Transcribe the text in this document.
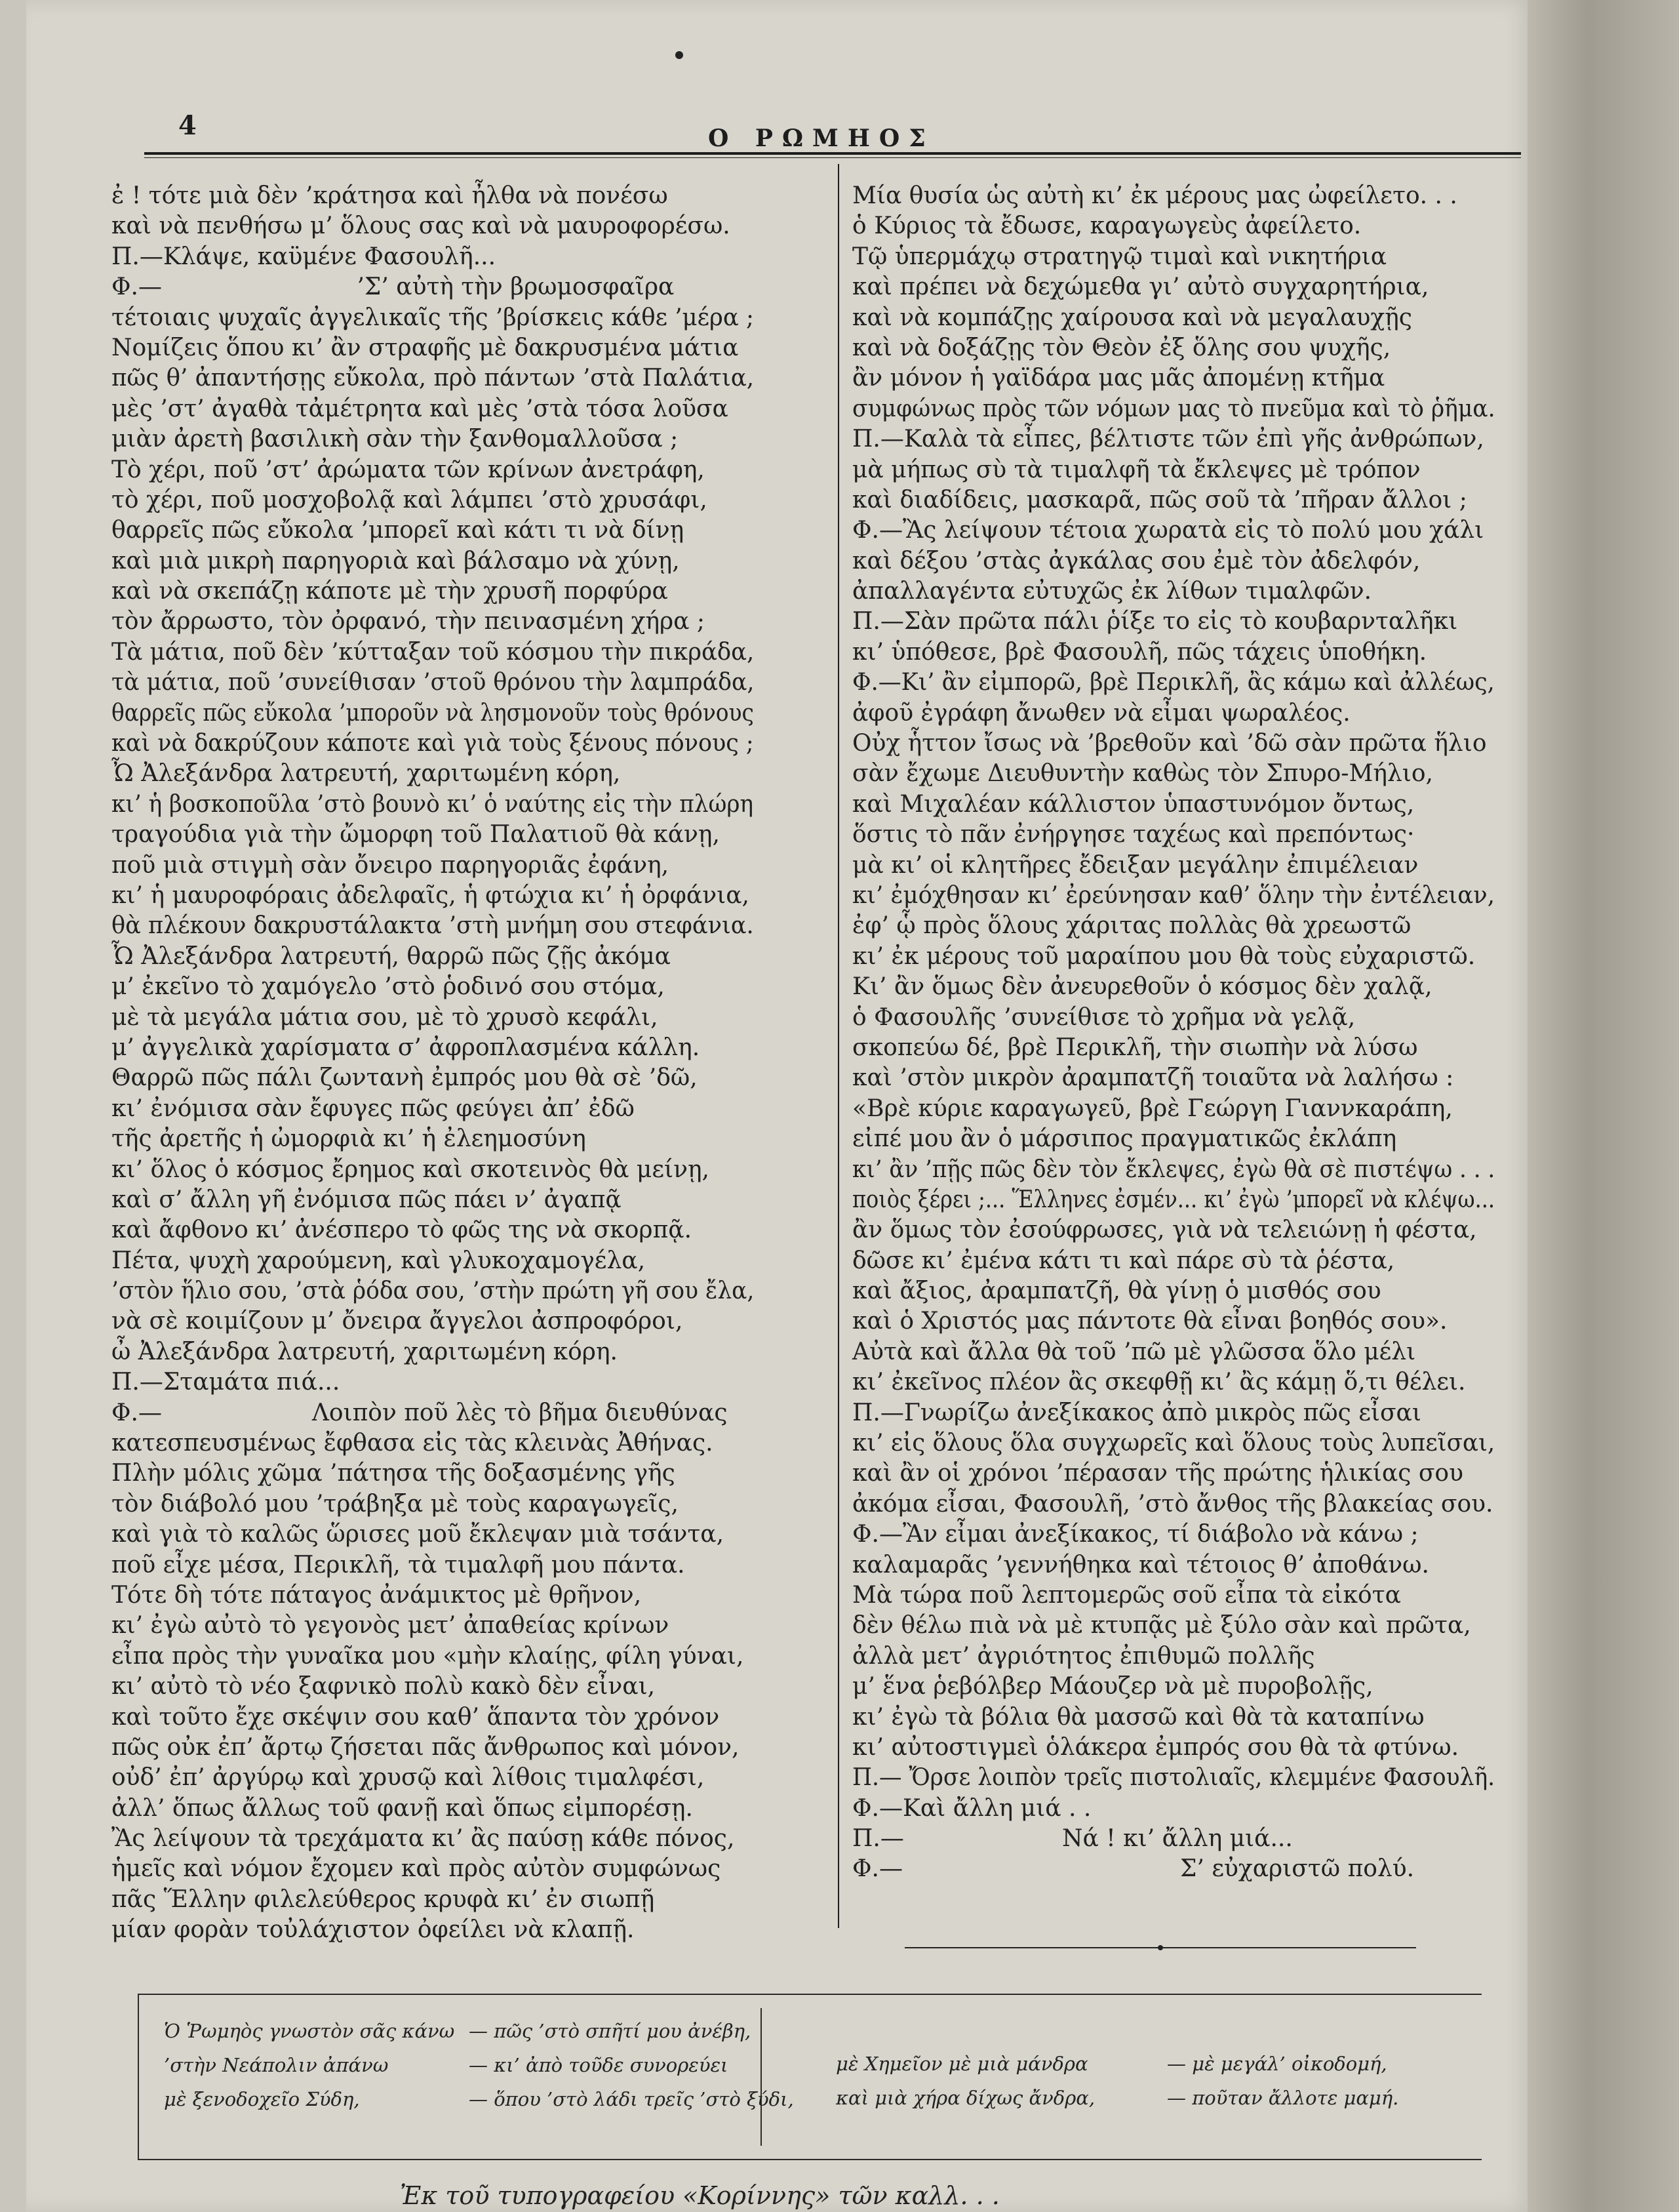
4	Ο ΡΩΜΗΟΣ
ἐ ! τότε μιὰ δὲν ’κράτησα καὶ ἦλθα νὰ πονέσω
καὶ νὰ πενθήσω μ’ ὅλους σας καὶ νὰ μαυροφορέσω.
Π.—Κλάψε, καϋμένε Φασουλῆ...
Φ.—                          ’Σ’ αὐτὴ τὴν βρωμοσφαῖρα
τέτοιαις ψυχαῖς ἀγγελικαῖς τῆς ’βρίσκεις κάθε ’μέρα ;
Νομίζεις ὅπου κι’ ἂν στραφῆς μὲ δακρυσμένα μάτια
πῶς θ’ ἀπαντήσῃς εὔκολα, πρὸ πάντων ’στὰ Παλάτια,
μὲς ’στ’ ἀγαθὰ τἀμέτρητα καὶ μὲς ’στὰ τόσα λοῦσα
μιὰν ἀρετὴ βασιλικὴ σὰν τὴν ξανθομαλλοῦσα ;
Τὸ χέρι, ποῦ ’στ’ ἀρώματα τῶν κρίνων ἀνετράφη,
τὸ χέρι, ποῦ μοσχοβολᾷ καὶ λάμπει ’στὸ χρυσάφι,
θαρρεῖς πῶς εὔκολα ’μπορεῖ καὶ κάτι τι νὰ δίνῃ
καὶ μιὰ μικρὴ παρηγοριὰ καὶ βάλσαμο νὰ χύνῃ,
καὶ νὰ σκεπάζῃ κάποτε μὲ τὴν χρυσῆ πορφύρα
τὸν ἄρρωστο, τὸν ὀρφανό, τὴν πεινασμένη χήρα ;
Τὰ μάτια, ποῦ δὲν ’κύτταξαν τοῦ κόσμου τὴν πικράδα,
τὰ μάτια, ποῦ ’συνείθισαν ’στοῦ θρόνου τὴν λαμπράδα,
θαρρεῖς πῶς εὔκολα ’μποροῦν νὰ λησμονοῦν τοὺς θρόνους
καὶ νὰ δακρύζουν κάποτε καὶ γιὰ τοὺς ξένους πόνους ;
Ὦ Ἀλεξάνδρα λατρευτή, χαριτωμένη κόρη,
κι’ ἡ βοσκοποῦλα ’στὸ βουνὸ κι’ ὁ ναύτης εἰς τὴν πλώρη
τραγούδια γιὰ τὴν ὤμορφη τοῦ Παλατιοῦ θὰ κάνῃ,
ποῦ μιὰ στιγμὴ σὰν ὄνειρο παρηγοριᾶς ἐφάνη,
κι’ ἡ μαυροφόραις ἀδελφαῖς, ἡ φτώχια κι’ ἡ ὀρφάνια,
θὰ πλέκουν δακρυστάλακτα ’στὴ μνήμη σου στεφάνια.
Ὦ Ἀλεξάνδρα λατρευτή, θαρρῶ πῶς ζῇς ἀκόμα
μ’ ἐκεῖνο τὸ χαμόγελο ’στὸ ῥοδινό σου στόμα,
μὲ τὰ μεγάλα μάτια σου, μὲ τὸ χρυσὸ κεφάλι,
μ’ ἀγγελικὰ χαρίσματα σ’ ἀφροπλασμένα κάλλη.
Θαρρῶ πῶς πάλι ζωντανὴ ἐμπρός μου θὰ σὲ ’δῶ,
κι’ ἐνόμισα σὰν ἔφυγες πῶς φεύγει ἀπ’ ἐδῶ
τῆς ἀρετῆς ἡ ὠμορφιὰ κι’ ἡ ἐλεημοσύνη
κι’ ὅλος ὁ κόσμος ἔρημος καὶ σκοτεινὸς θὰ μείνῃ,
καὶ σ’ ἄλλη γῆ ἐνόμισα πῶς πάει ν’ ἀγαπᾷ
καὶ ἄφθονο κι’ ἀνέσπερο τὸ φῶς της νὰ σκορπᾷ.
Πέτα, ψυχὴ χαρούμενη, καὶ γλυκοχαμογέλα,
’στὸν ἥλιο σου, ’στὰ ῥόδα σου, ’στὴν πρώτη γῆ σου ἔλα,
νὰ σὲ κοιμίζουν μ’ ὄνειρα ἄγγελοι ἀσπροφόροι,
ὦ Ἀλεξάνδρα λατρευτή, χαριτωμένη κόρη.
Π.—Σταμάτα πιά...
Φ.—                    Λοιπὸν ποῦ λὲς τὸ βῆμα διευθύνας
κατεσπευσμένως ἔφθασα εἰς τὰς κλεινὰς Ἀθήνας.
Πλὴν μόλις χῶμα ’πάτησα τῆς δοξασμένης γῆς
τὸν διάβολό μου ’τράβηξα μὲ τοὺς καραγωγεῖς,
καὶ γιὰ τὸ καλῶς ὥρισες μοῦ ἔκλεψαν μιὰ τσάντα,
ποῦ εἶχε μέσα, Περικλῆ, τὰ τιμαλφῆ μου πάντα.
Τότε δὴ τότε πάταγος ἀνάμικτος μὲ θρῆνον,
κι’ ἐγὼ αὐτὸ τὸ γεγονὸς μετ’ ἀπαθείας κρίνων
εἶπα πρὸς τὴν γυναῖκα μου «μὴν κλαίῃς, φίλη γύναι,
κι’ αὐτὸ τὸ νέο ξαφνικὸ πολὺ κακὸ δὲν εἶναι,
καὶ τοῦτο ἔχε σκέψιν σου καθ’ ἅπαντα τὸν χρόνον
πῶς οὐκ ἐπ’ ἄρτῳ ζήσεται πᾶς ἄνθρωπος καὶ μόνον,
οὐδ’ ἐπ’ ἀργύρῳ καὶ χρυσῷ καὶ λίθοις τιμαλφέσι,
ἀλλ’ ὅπως ἄλλως τοῦ φανῇ καὶ ὅπως εἰμπορέσῃ.
Ἂς λείψουν τὰ τρεχάματα κι’ ἂς παύσῃ κάθε πόνος,
ἡμεῖς καὶ νόμον ἔχομεν καὶ πρὸς αὐτὸν συμφώνως
πᾶς Ἕλλην φιλελεύθερος κρυφὰ κι’ ἐν σιωπῇ
μίαν φορὰν τοὐλάχιστον ὀφείλει νὰ κλαπῇ.
Μία θυσία ὡς αὐτὴ κι’ ἐκ μέρους μας ὠφείλετο. . .
ὁ Κύριος τὰ ἔδωσε, καραγωγεὺς ἀφείλετο.
Τῷ ὑπερμάχῳ στρατηγῷ τιμαὶ καὶ νικητήρια
καὶ πρέπει νὰ δεχώμεθα γι’ αὐτὸ συγχαρητήρια,
καὶ νὰ κομπάζῃς χαίρουσα καὶ νὰ μεγαλαυχῇς
καὶ νὰ δοξάζῃς τὸν Θεὸν ἐξ ὅλης σου ψυχῆς,
ἂν μόνον ἡ γαϊδάρα μας μᾶς ἀπομένῃ κτῆμα
συμφώνως πρὸς τῶν νόμων μας τὸ πνεῦμα καὶ τὸ ῥῆμα.
Π.—Καλὰ τὰ εἶπες, βέλτιστε τῶν ἐπὶ γῆς ἀνθρώπων,
μὰ μήπως σὺ τὰ τιμαλφῆ τὰ ἔκλεψες μὲ τρόπον
καὶ διαδίδεις, μασκαρᾶ, πῶς σοῦ τὰ ’πῆραν ἄλλοι ;
Φ.—Ἂς λείψουν τέτοια χωρατὰ εἰς τὸ πολύ μου χάλι
καὶ δέξου ’στὰς ἀγκάλας σου ἐμὲ τὸν ἀδελφόν,
ἀπαλλαγέντα εὐτυχῶς ἐκ λίθων τιμαλφῶν.
Π.—Σὰν πρῶτα πάλι ῥίξε το εἰς τὸ κουβαρνταλῆκι
κι’ ὑπόθεσε, βρὲ Φασουλῆ, πῶς τάχεις ὑποθήκη.
Φ.—Κι’ ἂν εἰμπορῶ, βρὲ Περικλῆ, ἂς κάμω καὶ ἀλλέως,
ἀφοῦ ἐγράφη ἄνωθεν νὰ εἶμαι ψωραλέος.
Οὐχ ἧττον ἴσως νὰ ’βρεθοῦν καὶ ’δῶ σὰν πρῶτα ἥλιο
σὰν ἔχωμε Διευθυντὴν καθὼς τὸν Σπυρο-Μήλιο,
καὶ Μιχαλέαν κάλλιστον ὑπαστυνόμον ὄντως,
ὅστις τὸ πᾶν ἐνήργησε ταχέως καὶ πρεπόντως·
μὰ κι’ οἱ κλητῆρες ἔδειξαν μεγάλην ἐπιμέλειαν
κι’ ἐμόχθησαν κι’ ἐρεύνησαν καθ’ ὅλην τὴν ἐντέλειαν,
ἐφ’ ᾧ πρὸς ὅλους χάριτας πολλὰς θὰ χρεωστῶ
κι’ ἐκ μέρους τοῦ μαραίπου μου θὰ τοὺς εὐχαριστῶ.
Κι’ ἂν ὅμως δὲν ἀνευρεθοῦν ὁ κόσμος δὲν χαλᾷ,
ὁ Φασουλῆς ’συνείθισε τὸ χρῆμα νὰ γελᾷ,
σκοπεύω δέ, βρὲ Περικλῆ, τὴν σιωπὴν νὰ λύσω
καὶ ’στὸν μικρὸν ἀραμπατζῆ τοιαῦτα νὰ λαλήσω :
«Βρὲ κύριε καραγωγεῦ, βρὲ Γεώργη Γιαννκαράπη,
εἰπέ μου ἂν ὁ μάρσιπος πραγματικῶς ἐκλάπη
κι’ ἂν ’πῇς πῶς δὲν τὸν ἔκλεψες, ἐγὼ θὰ σὲ πιστέψω . . .
ποιὸς ξέρει ;... Ἕλληνες ἐσμέν... κι’ ἐγὼ ’μπορεῖ νὰ κλέψω...
ἂν ὅμως τὸν ἐσούφρωσες, γιὰ νὰ τελειώνῃ ἡ φέστα,
δῶσε κι’ ἐμένα κάτι τι καὶ πάρε σὺ τὰ ῥέστα,
καὶ ἄξιος, ἀραμπατζῆ, θὰ γίνῃ ὁ μισθός σου
καὶ ὁ Χριστός μας πάντοτε θὰ εἶναι βοηθός σου».
Αὐτὰ καὶ ἄλλα θὰ τοῦ ’πῶ μὲ γλῶσσα ὅλο μέλι
κι’ ἐκεῖνος πλέον ἂς σκεφθῇ κι’ ἂς κάμῃ ὅ,τι θέλει.
Π.—Γνωρίζω ἀνεξίκακος ἀπὸ μικρὸς πῶς εἶσαι
κι’ εἰς ὅλους ὅλα συγχωρεῖς καὶ ὅλους τοὺς λυπεῖσαι,
καὶ ἂν οἱ χρόνοι ’πέρασαν τῆς πρώτης ἡλικίας σου
ἀκόμα εἶσαι, Φασουλῆ, ’στὸ ἄνθος τῆς βλακείας σου.
Φ.—Ἂν εἶμαι ἀνεξίκακος, τί διάβολο νὰ κάνω ;
καλαμαρᾶς ’γεννήθηκα καὶ τέτοιος θ’ ἀποθάνω.
Μὰ τώρα ποῦ λεπτομερῶς σοῦ εἶπα τὰ εἰκότα
δὲν θέλω πιὰ νὰ μὲ κτυπᾷς μὲ ξύλο σὰν καὶ πρῶτα,
ἀλλὰ μετ’ ἀγριότητος ἐπιθυμῶ πολλῆς
μ’ ἕνα ῥεβόλβερ Μάουζερ νὰ μὲ πυροβολῇς,
κι’ ἐγὼ τὰ βόλια θὰ μασσῶ καὶ θὰ τὰ καταπίνω
κι’ αὐτοστιγμεὶ ὁλάκερα ἐμπρός σου θὰ τὰ φτύνω.
Π.— Ὄρσε λοιπὸν τρεῖς πιστολιαῖς, κλεμμένε Φασουλῆ.
Φ.—Καὶ ἄλλη μιά . .
Π.—
Φ.—
Νά ! κι’ ἄλλη μιά...
Σ’ εὐχαριστῶ πολύ.
Ὁ Ῥωμηὸς γνωστὸν σᾶς κάνω
’στὴν Νεάπολιν ἀπάνω
μὲ ξενοδοχεῖο Σύδη,
— πῶς ’στὸ σπῆτί μου ἀνέβη,
— κι’ ἀπὸ τοῦδε συνορεύει
— ὅπου ’στὸ λάδι τρεῖς ’στὸ ξύδι,
μὲ Χημεῖον μὲ μιὰ μάνδρα
καὶ μιὰ χήρα δίχως ἄνδρα,
— μὲ μεγάλ’ οἰκοδομή,
— ποῦταν ἄλλοτε μαμή.
Ἐκ τοῦ τυπογραφείου «Κορίννης» τῶν καλλ. . .
